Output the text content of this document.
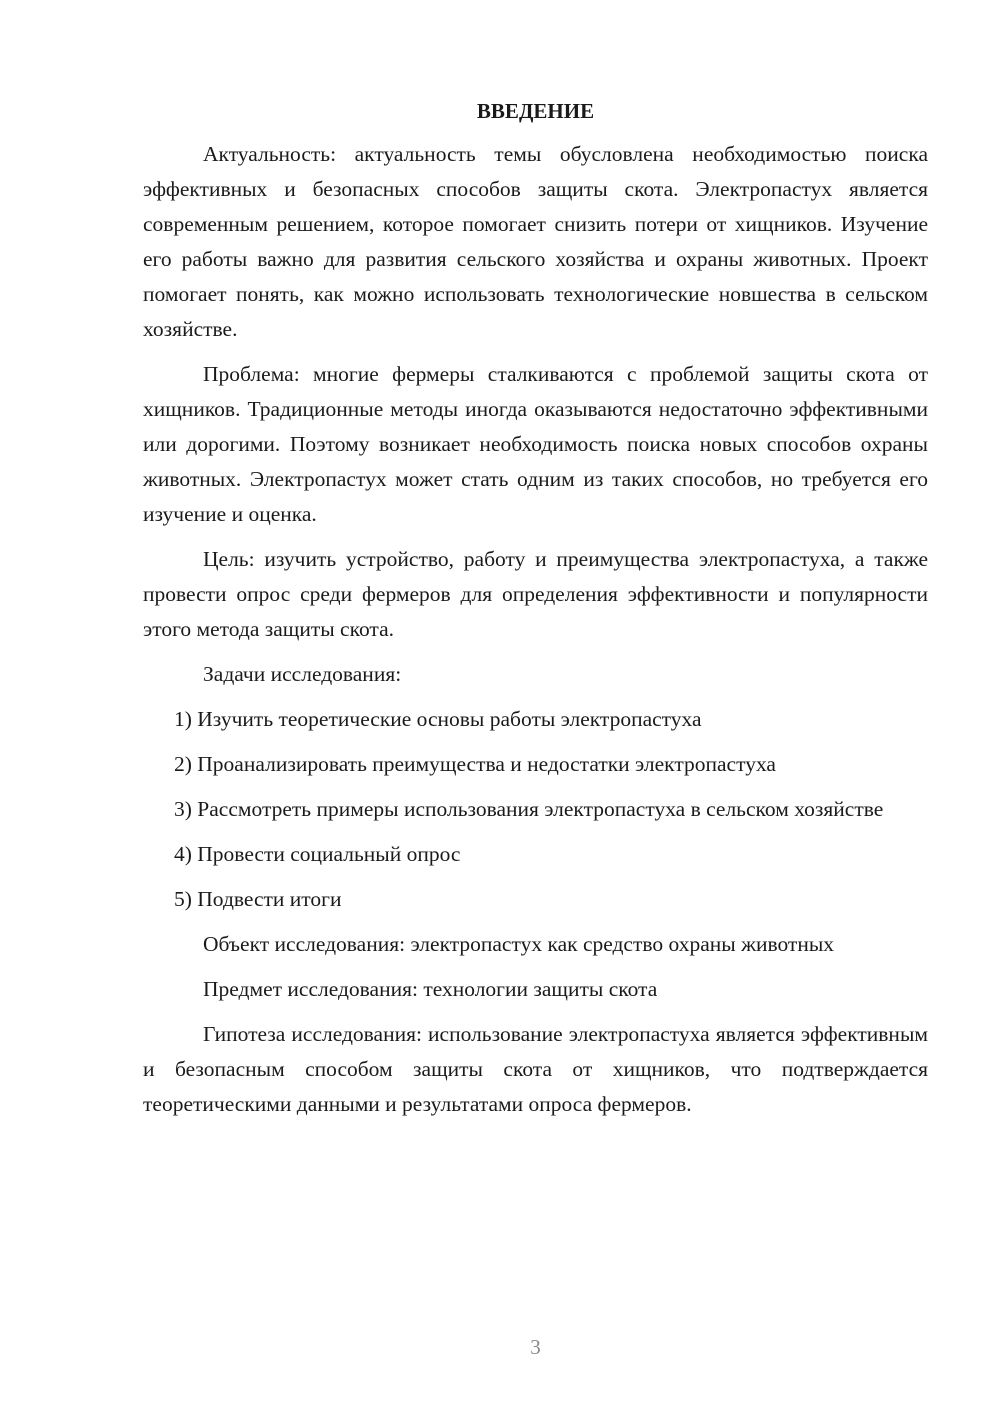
ВВЕДЕНИЕ

Актуальность: актуальность темы обусловлена необходимостью поиска эффективных и безопасных способов защиты скота. Электропастух является современным решением, которое помогает снизить потери от хищников. Изучение его работы важно для развития сельского хозяйства и охраны животных. Проект помогает понять, как можно использовать технологические новшества в сельском хозяйстве.

Проблема: многие фермеры сталкиваются с проблемой защиты скота от хищников. Традиционные методы иногда оказываются недостаточно эффективными или дорогими. Поэтому возникает необходимость поиска новых способов охраны животных. Электропастух может стать одним из таких способов, но требуется его изучение и оценка.

Цель: изучить устройство, работу и преимущества электропастуха, а также провести опрос среди фермеров для определения эффективности и популярности этого метода защиты скота.

Задачи исследования:

1) Изучить теоретические основы работы электропастуха

2) Проанализировать преимущества и недостатки электропастуха

3) Рассмотреть примеры использования электропастуха в сельском хозяйстве

4) Провести социальный опрос

5) Подвести итоги

Объект исследования: электропастух как средство охраны животных

Предмет исследования: технологии защиты скота

Гипотеза исследования: использование электропастуха является эффективным и безопасным способом защиты скота от хищников, что подтверждается теоретическими данными и результатами опроса фермеров.

3
